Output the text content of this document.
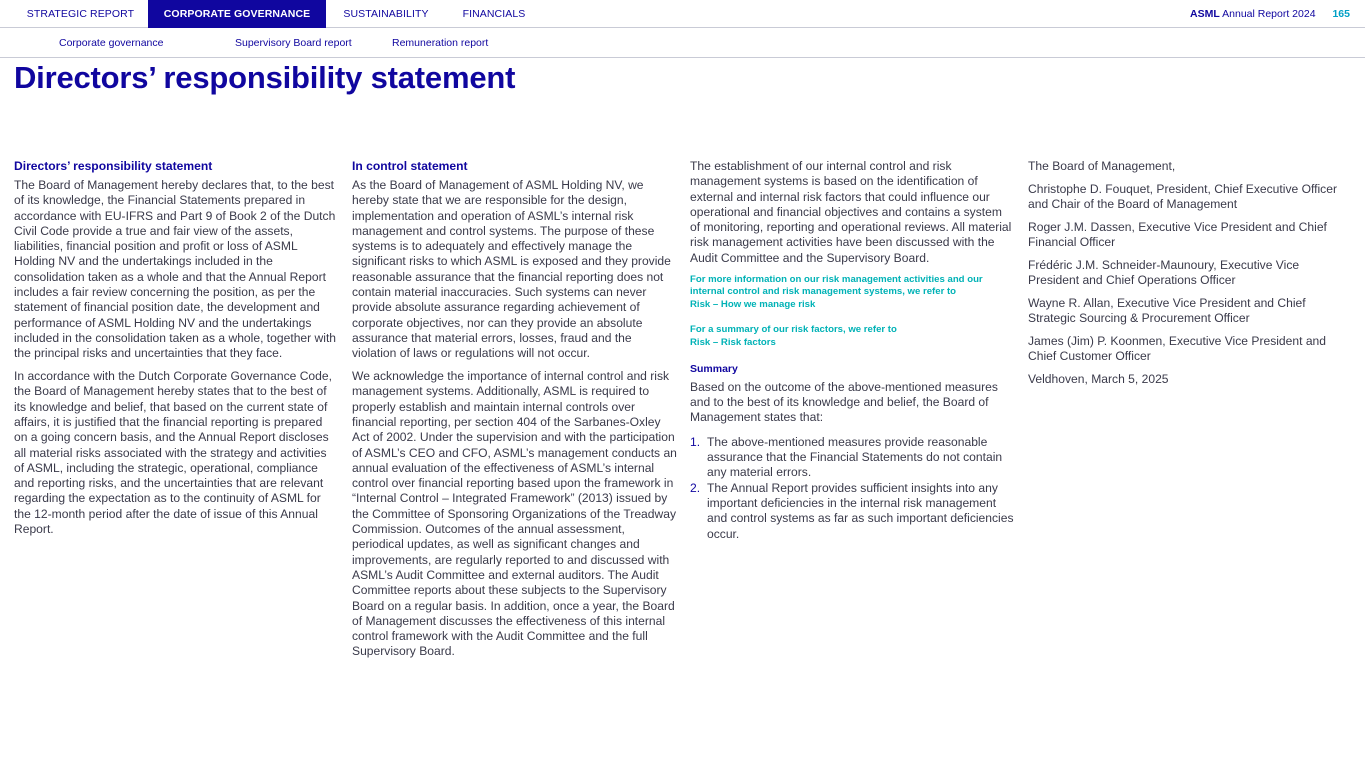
STRATEGIC REPORT	CORPORATE GOVERNANCE	SUSTAINABILITY	FINANCIALS	ASML Annual Report 2024 165
Corporate governance	Supervisory Board report	Remuneration report
Directors’ responsibility statement
Directors’ responsibility statement

The Board of Management hereby declares that, to the best of its knowledge, the Financial Statements prepared in accordance with EU-IFRS and Part 9 of Book 2 of the Dutch Civil Code provide a true and fair view of the assets, liabilities, financial position and profit or loss of ASML Holding NV and the undertakings included in the consolidation taken as a whole and that the Annual Report includes a fair review concerning the position, as per the statement of financial position date, the development and performance of ASML Holding NV and the undertakings included in the consolidation taken as a whole, together with the principal risks and uncertainties that they face.

In accordance with the Dutch Corporate Governance Code, the Board of Management hereby states that to the best of its knowledge and belief, that based on the current state of affairs, it is justified that the financial reporting is prepared on a going concern basis, and the Annual Report discloses all material risks associated with the strategy and activities of ASML, including the strategic, operational, compliance and reporting risks, and the uncertainties that are relevant regarding the expectation as to the continuity of ASML for the 12-month period after the date of issue of this Annual Report.

In control statement

As the Board of Management of ASML Holding NV, we hereby state that we are responsible for the design, implementation and operation of ASML’s internal risk management and control systems. The purpose of these systems is to adequately and effectively manage the significant risks to which ASML is exposed and they provide reasonable assurance that the financial reporting does not contain material inaccuracies. Such systems can never provide absolute assurance regarding achievement of corporate objectives, nor can they provide an absolute assurance that material errors, losses, fraud and the violation of laws or regulations will not occur.

We acknowledge the importance of internal control and risk management systems. Additionally, ASML is required to properly establish and maintain internal controls over financial reporting, per section 404 of the Sarbanes-Oxley Act of 2002. Under the supervision and with the participation of ASML’s CEO and CFO, ASML’s management conducts an annual evaluation of the effectiveness of ASML’s internal control over financial reporting based upon the framework in “Internal Control – Integrated Framework” (2013) issued by the Committee of Sponsoring Organizations of the Treadway Commission. Outcomes of the annual assessment, periodical updates, as well as significant changes and improvements, are regularly reported to and discussed with ASML’s Audit Committee and external auditors. The Audit Committee reports about these subjects to the Supervisory Board on a regular basis. In addition, once a year, the Board of Management discusses the effectiveness of this internal control framework with the Audit Committee and the full Supervisory Board.

The establishment of our internal control and risk management systems is based on the identification of external and internal risk factors that could influence our operational and financial objectives and contains a system of monitoring, reporting and operational reviews. All material risk management activities have been discussed with the Audit Committee and the Supervisory Board.

For more information on our risk management activities and our internal control and risk management systems, we refer to
Risk – How we manage risk
For a summary of our risk factors, we refer to
Risk – Risk factors
Summary

Based on the outcome of the above-mentioned measures and to the best of its knowledge and belief, the Board of Management states that:

1. The above-mentioned measures provide reasonable assurance that the Financial Statements do not contain any material errors.
2. The Annual Report provides sufficient insights into any important deficiencies in the internal risk management and control systems as far as such important deficiencies occur.

The Board of Management,

Christophe D. Fouquet, President, Chief Executive Officer and Chair of the Board of Management

Roger J.M. Dassen, Executive Vice President and Chief Financial Officer

Frédéric J.M. Schneider-Maunoury, Executive Vice President and Chief Operations Officer

Wayne R. Allan, Executive Vice President and Chief Strategic Sourcing & Procurement Officer

James (Jim) P. Koonmen, Executive Vice President and Chief Customer Officer

Veldhoven, March 5, 2025
